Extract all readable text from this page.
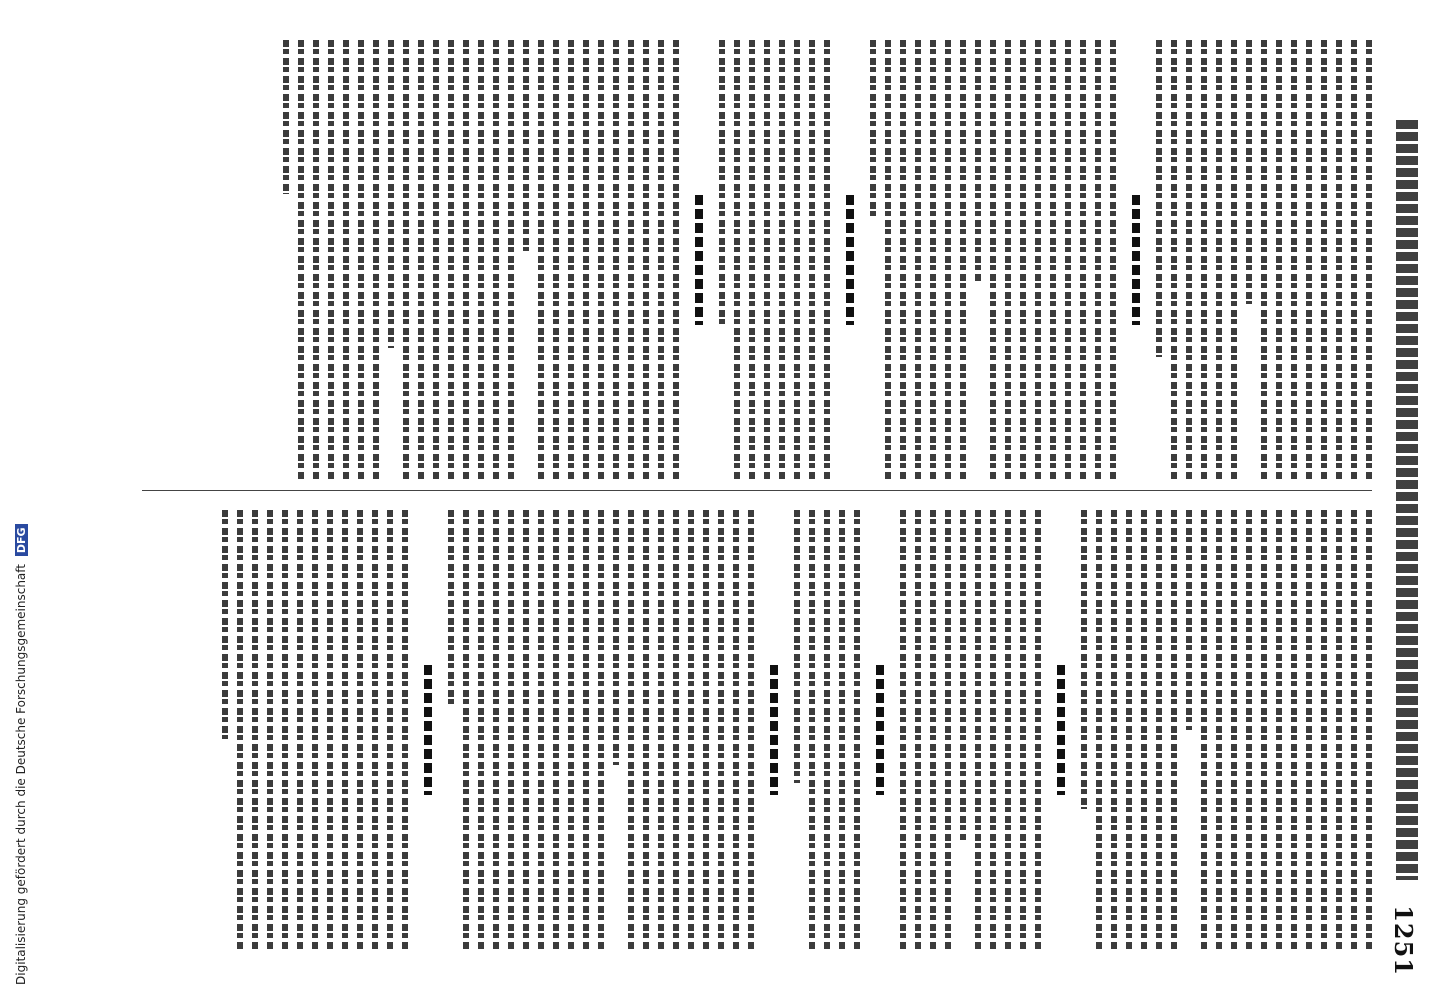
Digitalisierung gefördert durch die Deutsche Forschungsgemeinschaft DFG
1251
